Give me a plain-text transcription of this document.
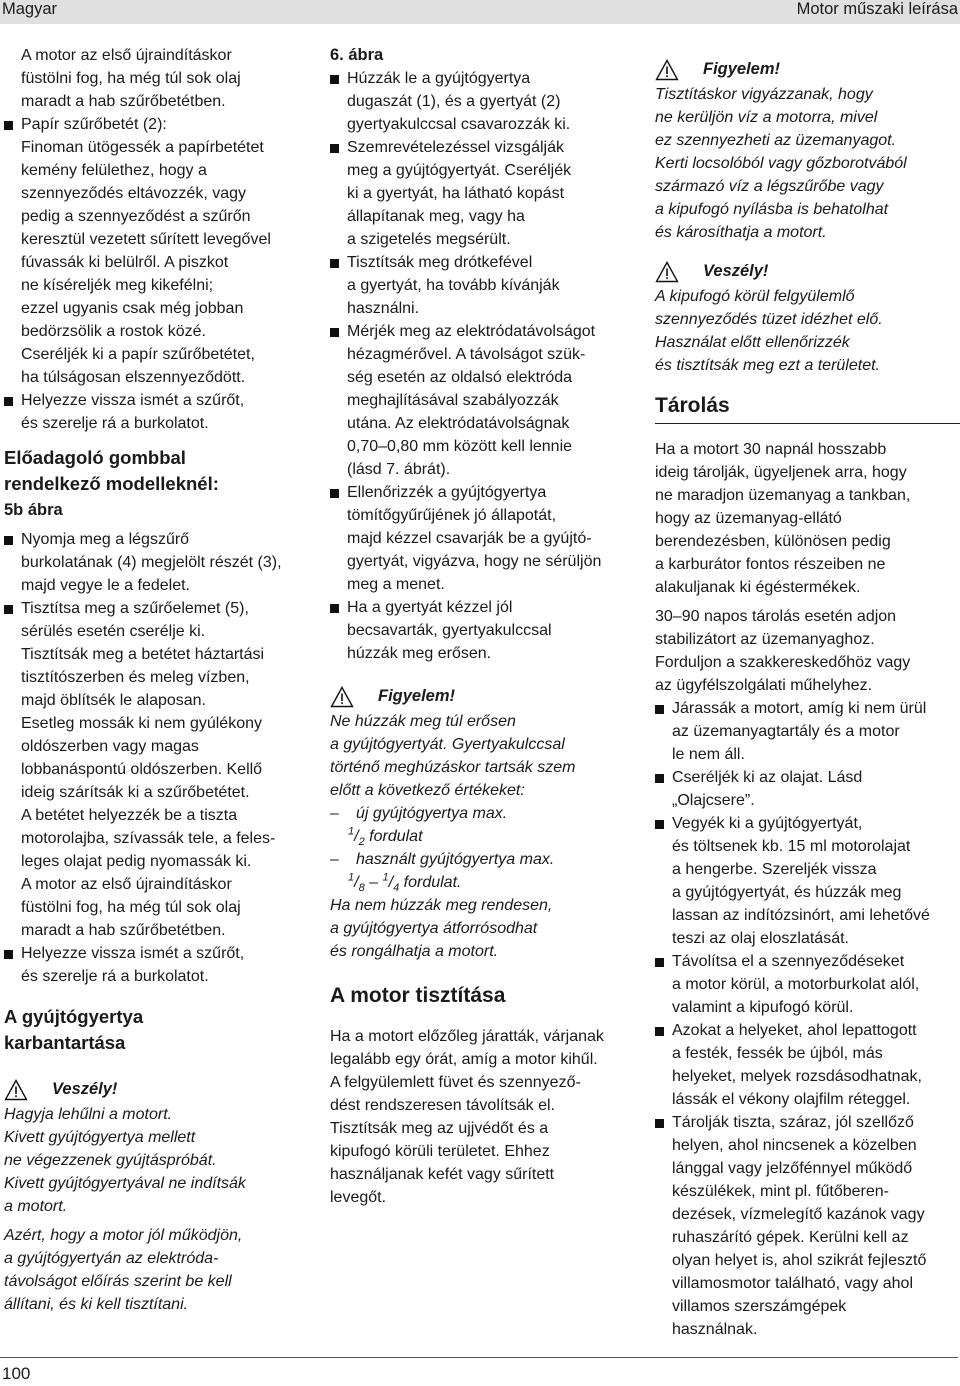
Magyar	Motor műszaki leírása

A motor az első újraindításkor

füstölni fog, ha még túl sok olaj

maradt a hab szűrőbetétben.

Papír szűrőbetét (2):

Finoman ütögessék a papírbetétet

kemény felülethez, hogy a

szennyeződés eltávozzék, vagy

pedig a szennyeződést a szűrőn

keresztül vezetett sűrített levegővel

fúvassák ki belülről. A piszkot

ne kíséreljék meg kikefélni;

ezzel ugyanis csak még jobban

bedörzsölik a rostok közé.

Cseréljék ki a papír szűrőbetétet,

ha túlságosan elszennyeződött.

Helyezze vissza ismét a szűrőt,

és szerelje rá a burkolatot.

Előadagoló gombbal
rendelkező modelleknél:

5b ábra

Nyomja meg a légszűrő

burkolatának (4) megjelölt részét (3),

majd vegye le a fedelet.

Tisztítsa meg a szűrőelemet (5),

sérülés esetén cserélje ki.

Tisztítsák meg a betétet háztartási

tisztítószerben és meleg vízben,

majd öblítsék le alaposan.

Esetleg mossák ki nem gyúlékony

oldószerben vagy magas

lobbanáspontú oldószerben. Kellő

ideig szárítsák ki a szűrőbetétet.

A betétet helyezzék be a tiszta

motorolajba, szívassák tele, a feles-

leges olajat pedig nyomassák ki.

A motor az első újraindításkor

füstölni fog, ha még túl sok olaj

maradt a hab szűrőbetétben.

Helyezze vissza ismét a szűrőt,

és szerelje rá a burkolatot.

A gyújtógyertya
karbantartása
Veszély!

Hagyja lehűlni a motort.

Kivett gyújtógyertya mellett

ne végezzenek gyújtáspróbát.

Kivett gyújtógyertyával ne indítsák

a motort.

Azért, hogy a motor jól működjön,

a gyújtógyertyán az elektróda-

távolságot előírás szerint be kell

állítani, és ki kell tisztítani.

6. ábra

Húzzák le a gyújtógyertya

dugaszát (1), és a gyertyát (2)

gyertyakulccsal csavarozzák ki.

Szemrevételezéssel vizsgálják

meg a gyújtógyertyát. Cseréljék

ki a gyertyát, ha látható kopást

állapítanak meg, vagy ha

a szigetelés megsérült.

Tisztítsák meg drótkefével

a gyertyát, ha tovább kívánják

használni.

Mérjék meg az elektródatávolságot

hézagmérővel. A távolságot szük-

ség esetén az oldalsó elektróda

meghajlításával szabályozzák

utána. Az elektródatávolságnak

0,70–0,80 mm között kell lennie

(lásd 7. ábrát).

Ellenőrizzék a gyújtógyertya

tömítőgyűrűjének jó állapotát,

majd kézzel csavarják be a gyújtó-

gyertyát, vigyázva, hogy ne sérüljön

meg a menet.

Ha a gyertyát kézzel jól

becsavarták, gyertyakulccsal

húzzák meg erősen.

Figyelem!

Ne húzzák meg túl erősen

a gyújtógyertyát. Gyertyakulccsal

történő meghúzáskor tartsák szem

előtt a következő értékeket:

– új gyújtógyertya max.

$^1/_2$ fordulat

– használt gyújtógyertya max.

$^1/_8 - ^1/_4$ fordulat.

Ha nem húzzák meg rendesen,

a gyújtógyertya átforrósodhat

és rongálhatja a motort.

A motor tisztítása

Ha a motort előzőleg járatták, várjanak

legalább egy órát, amíg a motor kihűl.

A felgyülemlett füvet és szennyező-

dést rendszeresen távolítsák el.

Tisztítsák meg az ujjvédőt és a

kipufogó körüli területet. Ehhez

használjanak kefét vagy sűrített

levegőt.

Figyelem!

Tisztításkor vigyázzanak, hogy

ne kerüljön víz a motorra, mivel

ez szennyezheti az üzemanyagot.

Kerti locsolóból vagy gőzborotvából

származó víz a légszűrőbe vagy

a kipufogó nyílásba is behatolhat

és károsíthatja a motort.

Veszély!

A kipufogó körül felgyülemlő

szennyeződés tüzet idézhet elő.

Használat előtt ellenőrizzék

és tisztítsák meg ezt a területet.

Tárolás

Ha a motort 30 napnál hosszabb

ideig tárolják, ügyeljenek arra, hogy

ne maradjon üzemanyag a tankban,

hogy az üzemanyag-ellátó

berendezésben, különösen pedig

a karburátor fontos részeiben ne

alakuljanak ki égéstermékek.

30–90 napos tárolás esetén adjon

stabilizátort az üzemanyaghoz.

Forduljon a szakkereskedőhöz vagy

az ügyfélszolgálati műhelyhez.

Járassák a motort, amíg ki nem ürül

az üzemanyagtartály és a motor

le nem áll.

Cseréljék ki az olajat. Lásd

„Olajcsere”.

Vegyék ki a gyújtógyertyát,

és töltsenek kb. 15 ml motorolajat

a hengerbe. Szereljék vissza

a gyújtógyertyát, és húzzák meg

lassan az indítózsinórt, ami lehetővé

teszi az olaj eloszlatását.

Távolítsa el a szennyeződéseket

a motor körül, a motorburkolat alól,

valamint a kipufogó körül.

Azokat a helyeket, ahol lepattogott

a festék, fessék be újból, más

helyeket, melyek rozsdásodhatnak,

lássák el vékony olajfilm réteggel.

Tárolják tiszta, száraz, jól szellőző

helyen, ahol nincsenek a közelben

lánggal vagy jelzőfénnyel működő

készülékek, mint pl. fűtőberen-

dezések, vízmelegítő kazánok vagy

ruhaszárító gépek. Kerülni kell az

olyan helyet is, ahol szikrát fejlesztő

villamosmotor található, vagy ahol

villamos szerszámgépek

használnak.

100
